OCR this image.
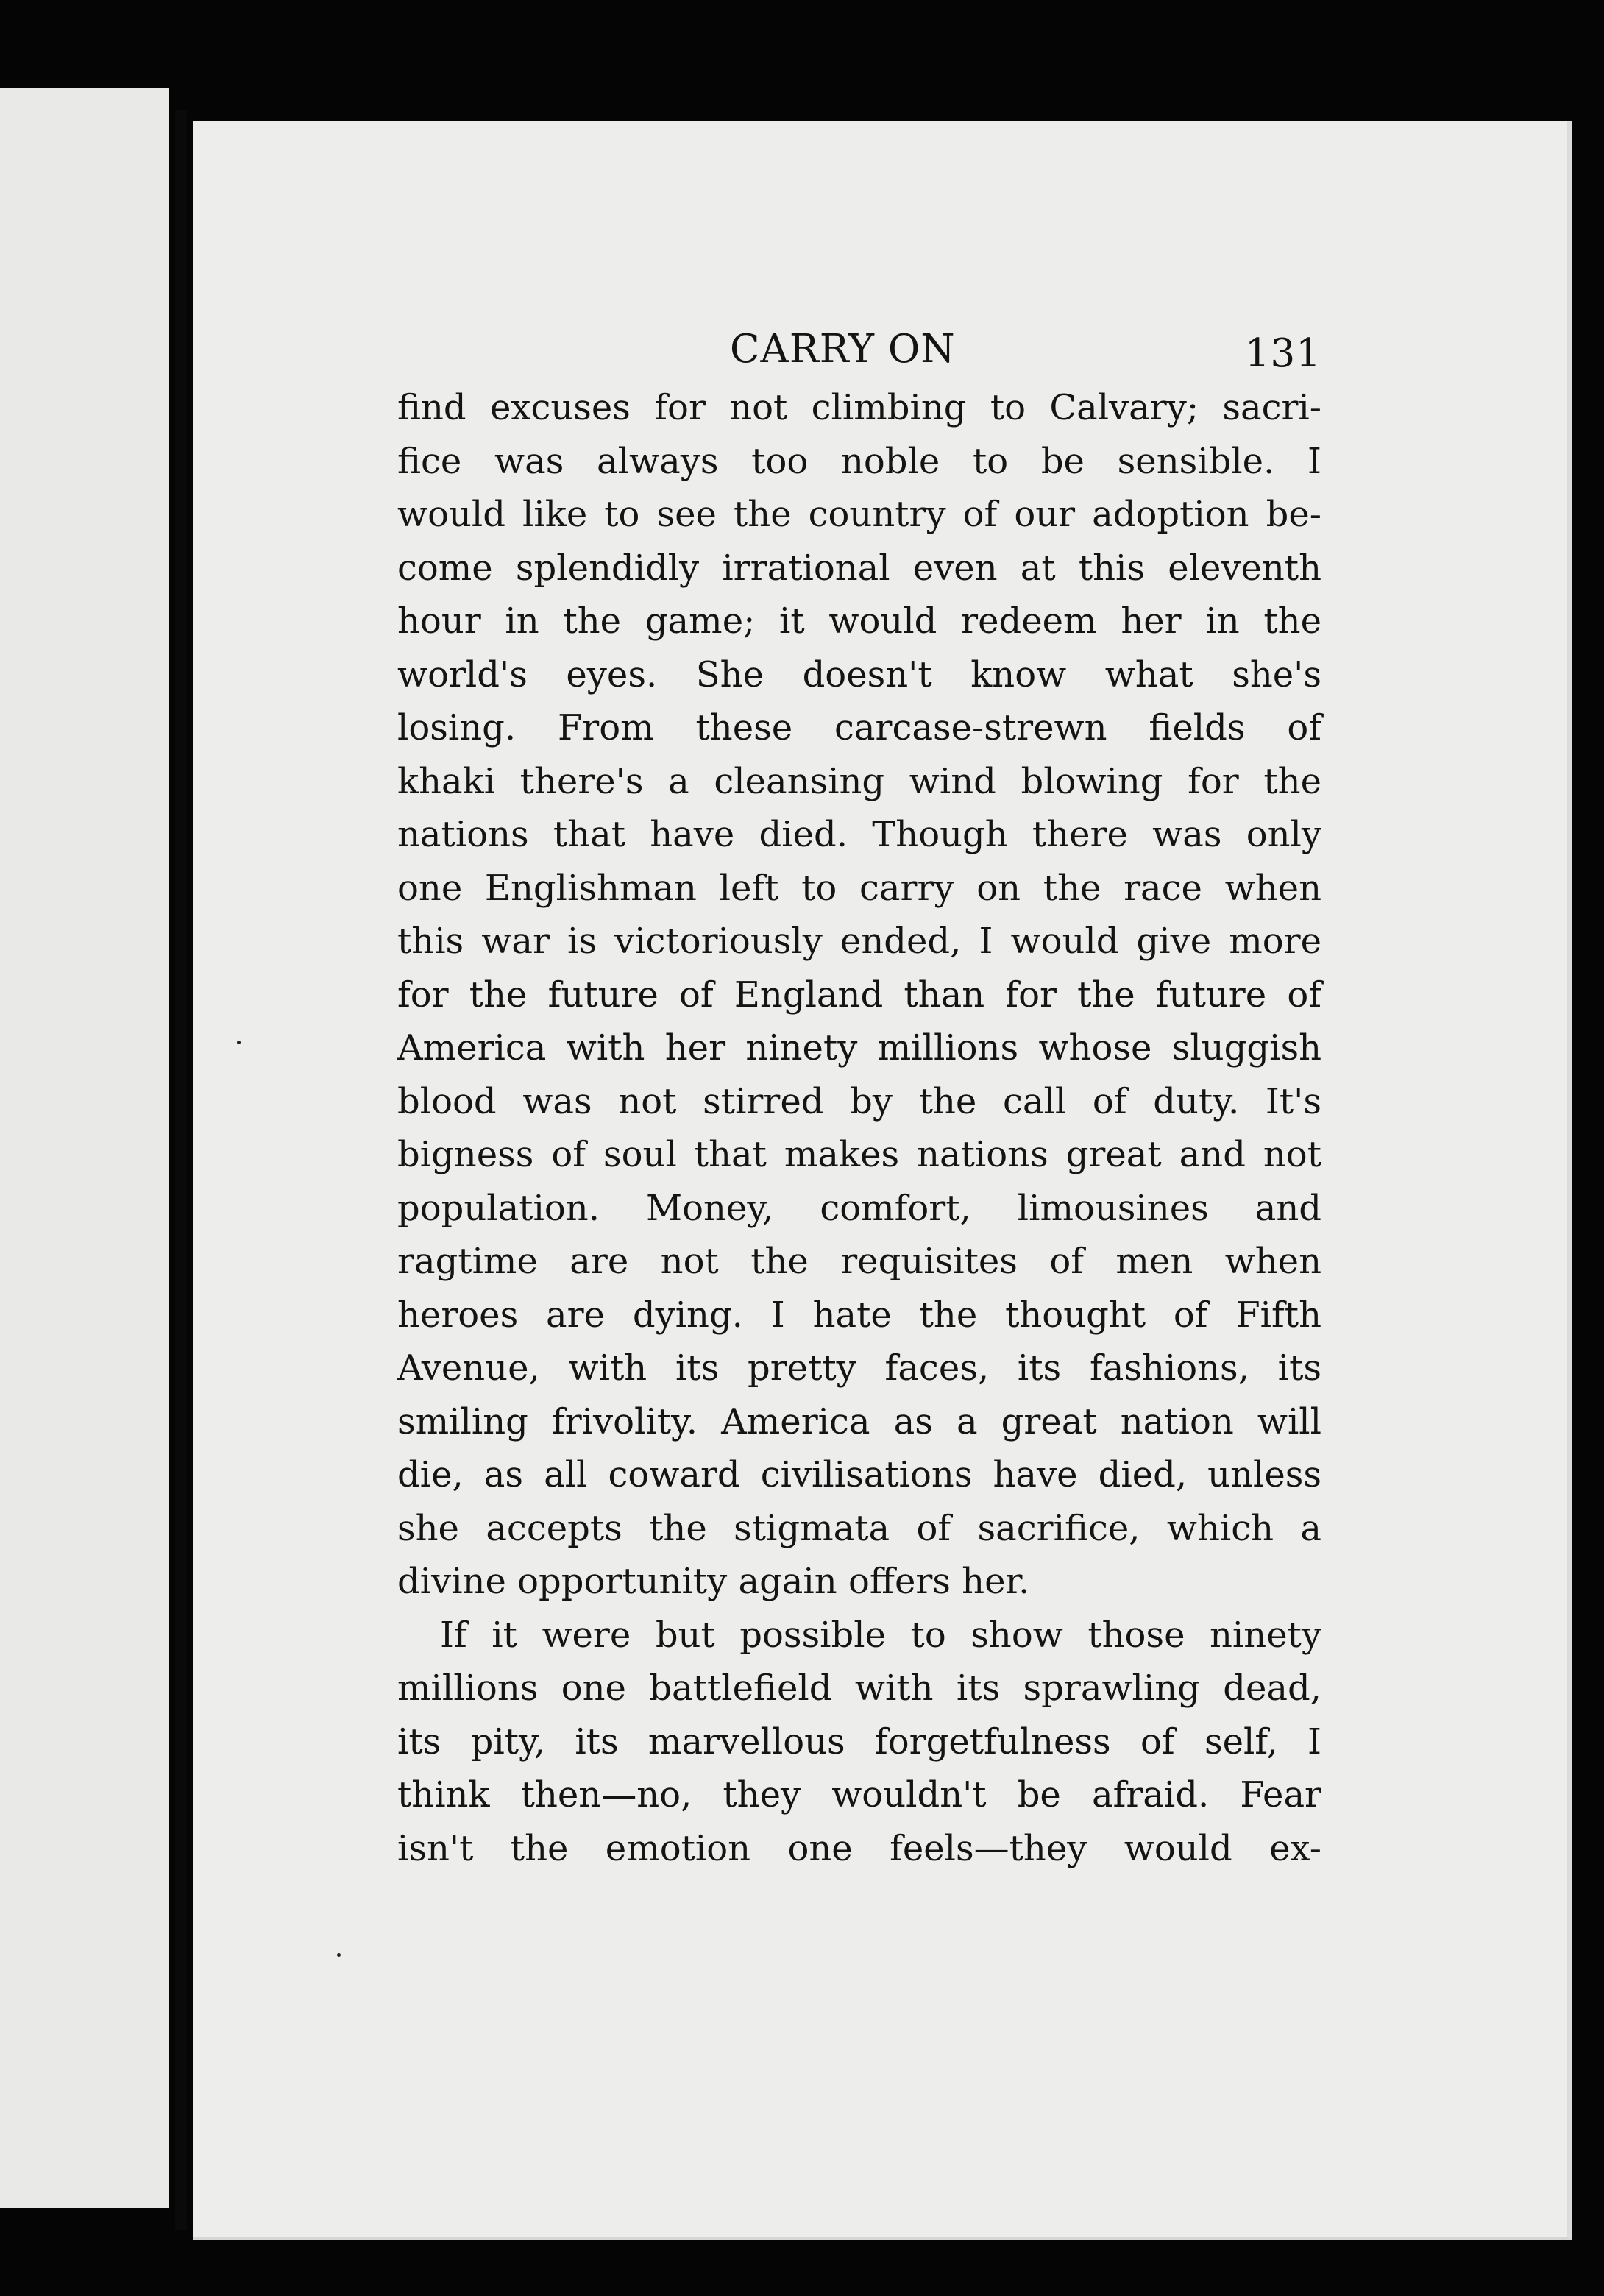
CARRY ON	131
find excuses for not climbing to Calvary; sacri-
fice was always too noble to be sensible. I
would like to see the country of our adoption be-
come splendidly irrational even at this eleventh
hour in the game; it would redeem her in the
world's eyes. She doesn't know what she's
losing. From these carcase-strewn fields of
khaki there's a cleansing wind blowing for the
nations that have died. Though there was only
one Englishman left to carry on the race when
this war is victoriously ended, I would give more
for the future of England than for the future of
America with her ninety millions whose sluggish
blood was not stirred by the call of duty. It's
bigness of soul that makes nations great and not
population. Money, comfort, limousines and
ragtime are not the requisites of men when
heroes are dying. I hate the thought of Fifth
Avenue, with its pretty faces, its fashions, its
smiling frivolity. America as a great nation will
die, as all coward civilisations have died, unless
she accepts the stigmata of sacrifice, which a
divine opportunity again offers her.
If it were but possible to show those ninety
millions one battlefield with its sprawling dead,
its pity, its marvellous forgetfulness of self, I
think then—no, they wouldn't be afraid. Fear
isn't the emotion one feels—they would ex-
